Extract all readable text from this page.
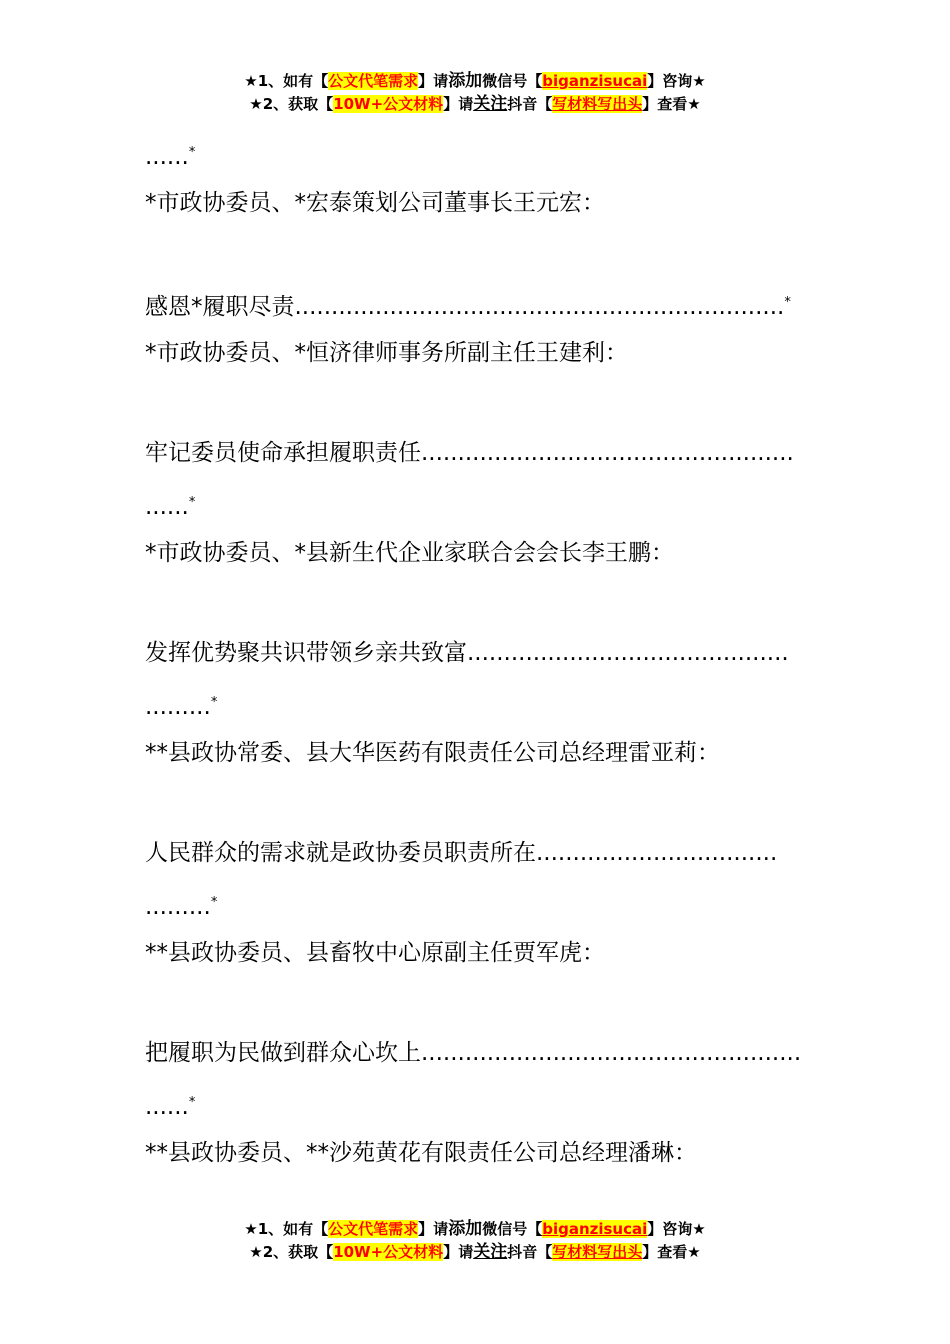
★1、如有【公文代笔需求】请添加微信号【biganzisucai】咨询★
★2、获取【10W+公文材料】请关注抖音【写材料写出头】查看★
......*
*市政协委员、*宏泰策划公司董事长王元宏：
感恩*履职尽责...................................................................*
*市政协委员、*恒济律师事务所副主任王建利：
牢记委员使命承担履职责任...................................................
......*
*市政协委员、*县新生代企业家联合会会长李王鹏：
发挥优势聚共识带领乡亲共致富............................................
.........*
**县政协常委、县大华医药有限责任公司总经理雷亚莉：
人民群众的需求就是政协委员职责所在.................................
.........*
**县政协委员、县畜牧中心原副主任贾军虎：
把履职为民做到群众心坎上....................................................
......*
**县政协委员、**沙苑黄花有限责任公司总经理潘琳：
★1、如有【公文代笔需求】请添加微信号【biganzisucai】咨询★
★2、获取【10W+公文材料】请关注抖音【写材料写出头】查看★
